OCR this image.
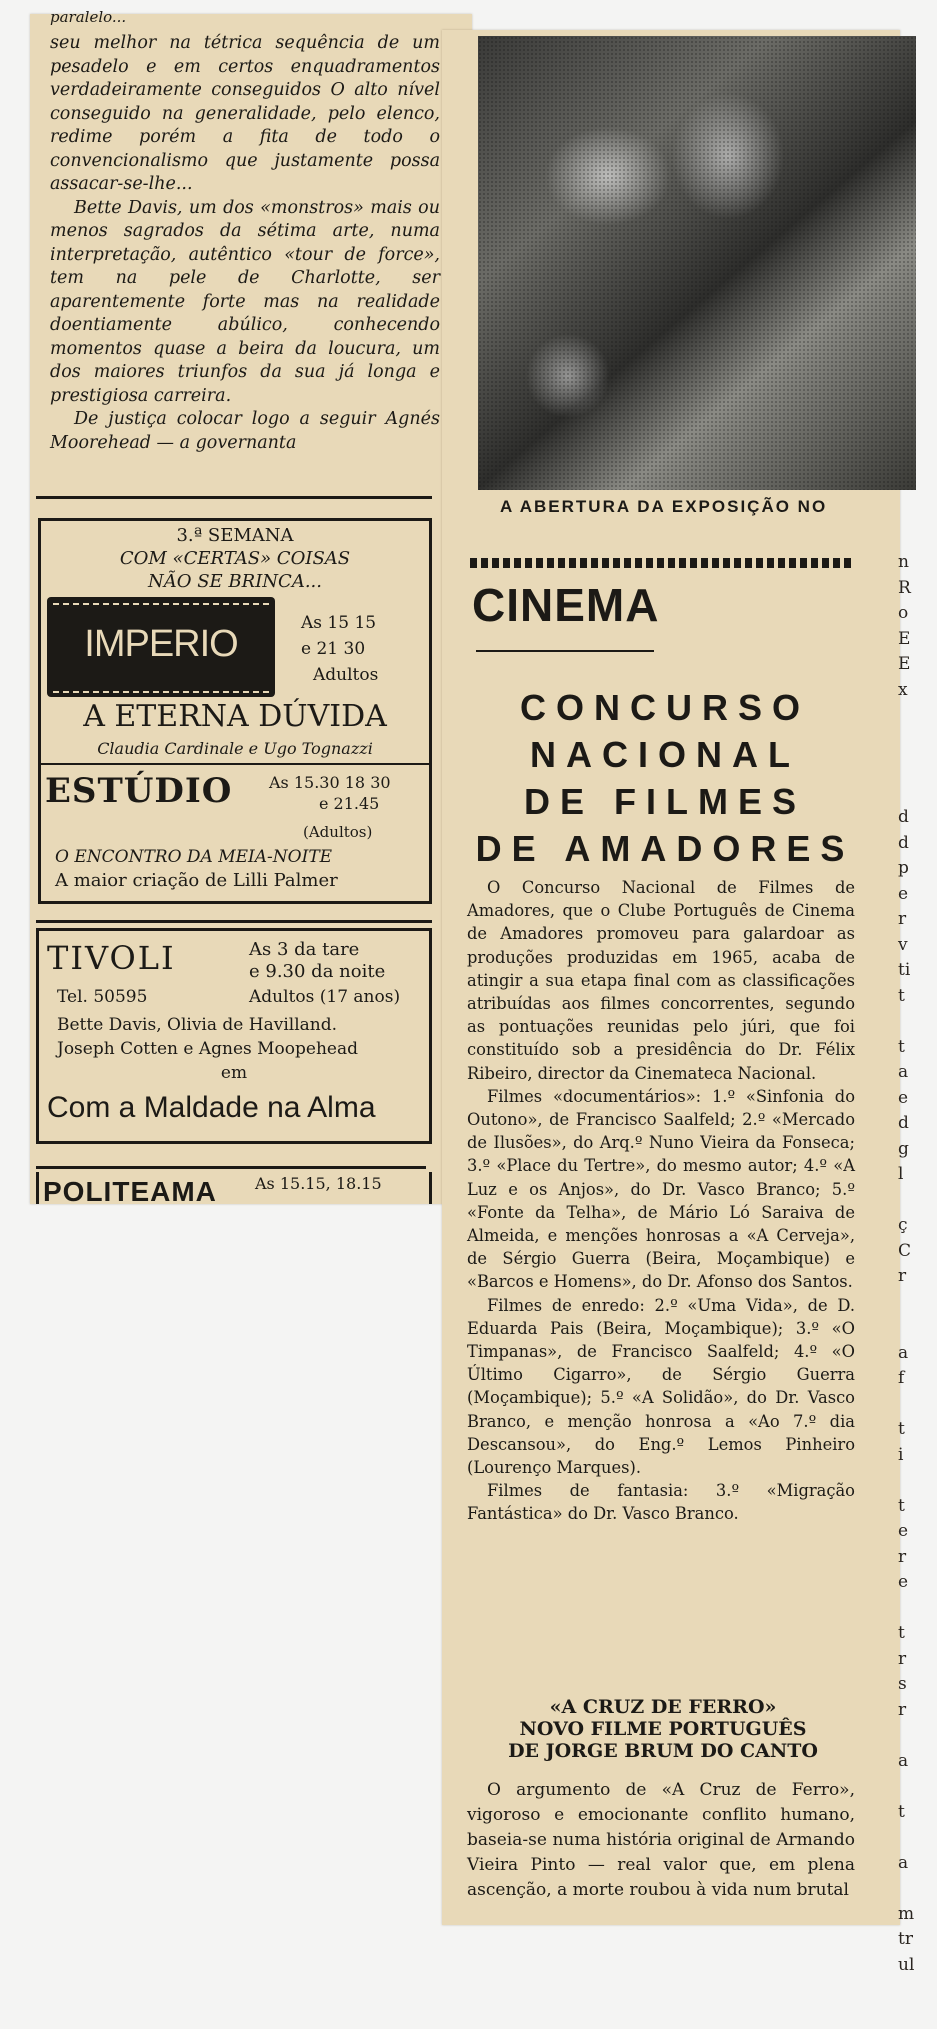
paralelo...

seu melhor na tétrica sequência de um pesadelo e em certos enquadramentos verdadeiramente conseguidos O alto nível conseguido na generalidade, pelo elenco, redime porém a fita de todo o convencionalismo que justamente possa assacar-se-lhe...

Bette Davis, um dos «monstros» mais ou menos sagrados da sétima arte, numa interpretação, autêntico «tour de force», tem na pele de Charlotte, ser aparentemente forte mas na realidade doentiamente abúlico, conhecendo momentos quase a beira da loucura, um dos maiores triunfos da sua já longa e prestigiosa carreira.

De justiça colocar logo a seguir Agnés Moorehead — a governanta

3.ª SEMANA
COM «CERTAS» COISAS
NÃO SE BRINCA...
IMPERIO	As 15 15
e 21 30
Adultos
A ETERNA DÚVIDA
Claudia Cardinale e Ugo Tognazzi
ESTÚDIO As 15.30 18 30
e 21.45
(Adultos)
O ENCONTRO DA MEIA-NOITE
A maior criação de Lilli Palmer
TIVOLI	As 3 da tare
e 9.30 da noite
Tel. 50595	Adultos (17 anos)
Bette Davis, Olivia de Havilland.
Joseph Cotten e Agnes Moopehead
em
Com a Maldade na Alma
POLITEAMA As 15.15, 18.15
A ABERTURA DA EXPOSIÇÃO NO
CINEMA
CONCURSO
NACIONAL
DE FILMES
DE AMADORES

O Concurso Nacional de Filmes de Amadores, que o Clube Português de Cinema de Amadores promoveu para galardoar as produções produzidas em 1965, acaba de atingir a sua etapa final com as classificações atribuídas aos filmes concorrentes, segundo as pontuações reunidas pelo júri, que foi constituído sob a presidência do Dr. Félix Ribeiro, director da Cinemateca Nacional.

Filmes «documentários»: 1.º «Sinfonia do Outono», de Francisco Saalfeld; 2.º «Mercado de Ilusões», do Arq.º Nuno Vieira da Fonseca; 3.º «Place du Tertre», do mesmo autor; 4.º «A Luz e os Anjos», do Dr. Vasco Branco; 5.º «Fonte da Telha», de Mário Ló Saraiva de Almeida, e menções honrosas a «A Cerveja», de Sérgio Guerra (Beira, Moçambique) e «Barcos e Homens», do Dr. Afonso dos Santos.

Filmes de enredo: 2.º «Uma Vida», de D. Eduarda Pais (Beira, Moçambique); 3.º «O Timpanas», de Francisco Saalfeld; 4.º «O Último Cigarro», de Sérgio Guerra (Moçambique); 5.º «A Solidão», do Dr. Vasco Branco, e menção honrosa a «Ao 7.º dia Descansou», do Eng.º Lemos Pinheiro (Lourenço Marques).

Filmes de fantasia: 3.º «Migração Fantástica» do Dr. Vasco Branco.

«A CRUZ DE FERRO»
NOVO FILME PORTUGUÊS
DE JORGE BRUM DO CANTO

O argumento de «A Cruz de Ferro», vigoroso e emocionante conflito humano, baseia-se numa história original de Armando Vieira Pinto — real valor que, em plena ascenção, a morte roubou à vida num brutal

n
R
o
E
E
x

d
d
p
e
r
v
ti
t

t
a
e
d
g
l

ç
C
r

a
f

t
i

t
e
r
e

t
r
s
r

a

t

a

m
tr
ul
